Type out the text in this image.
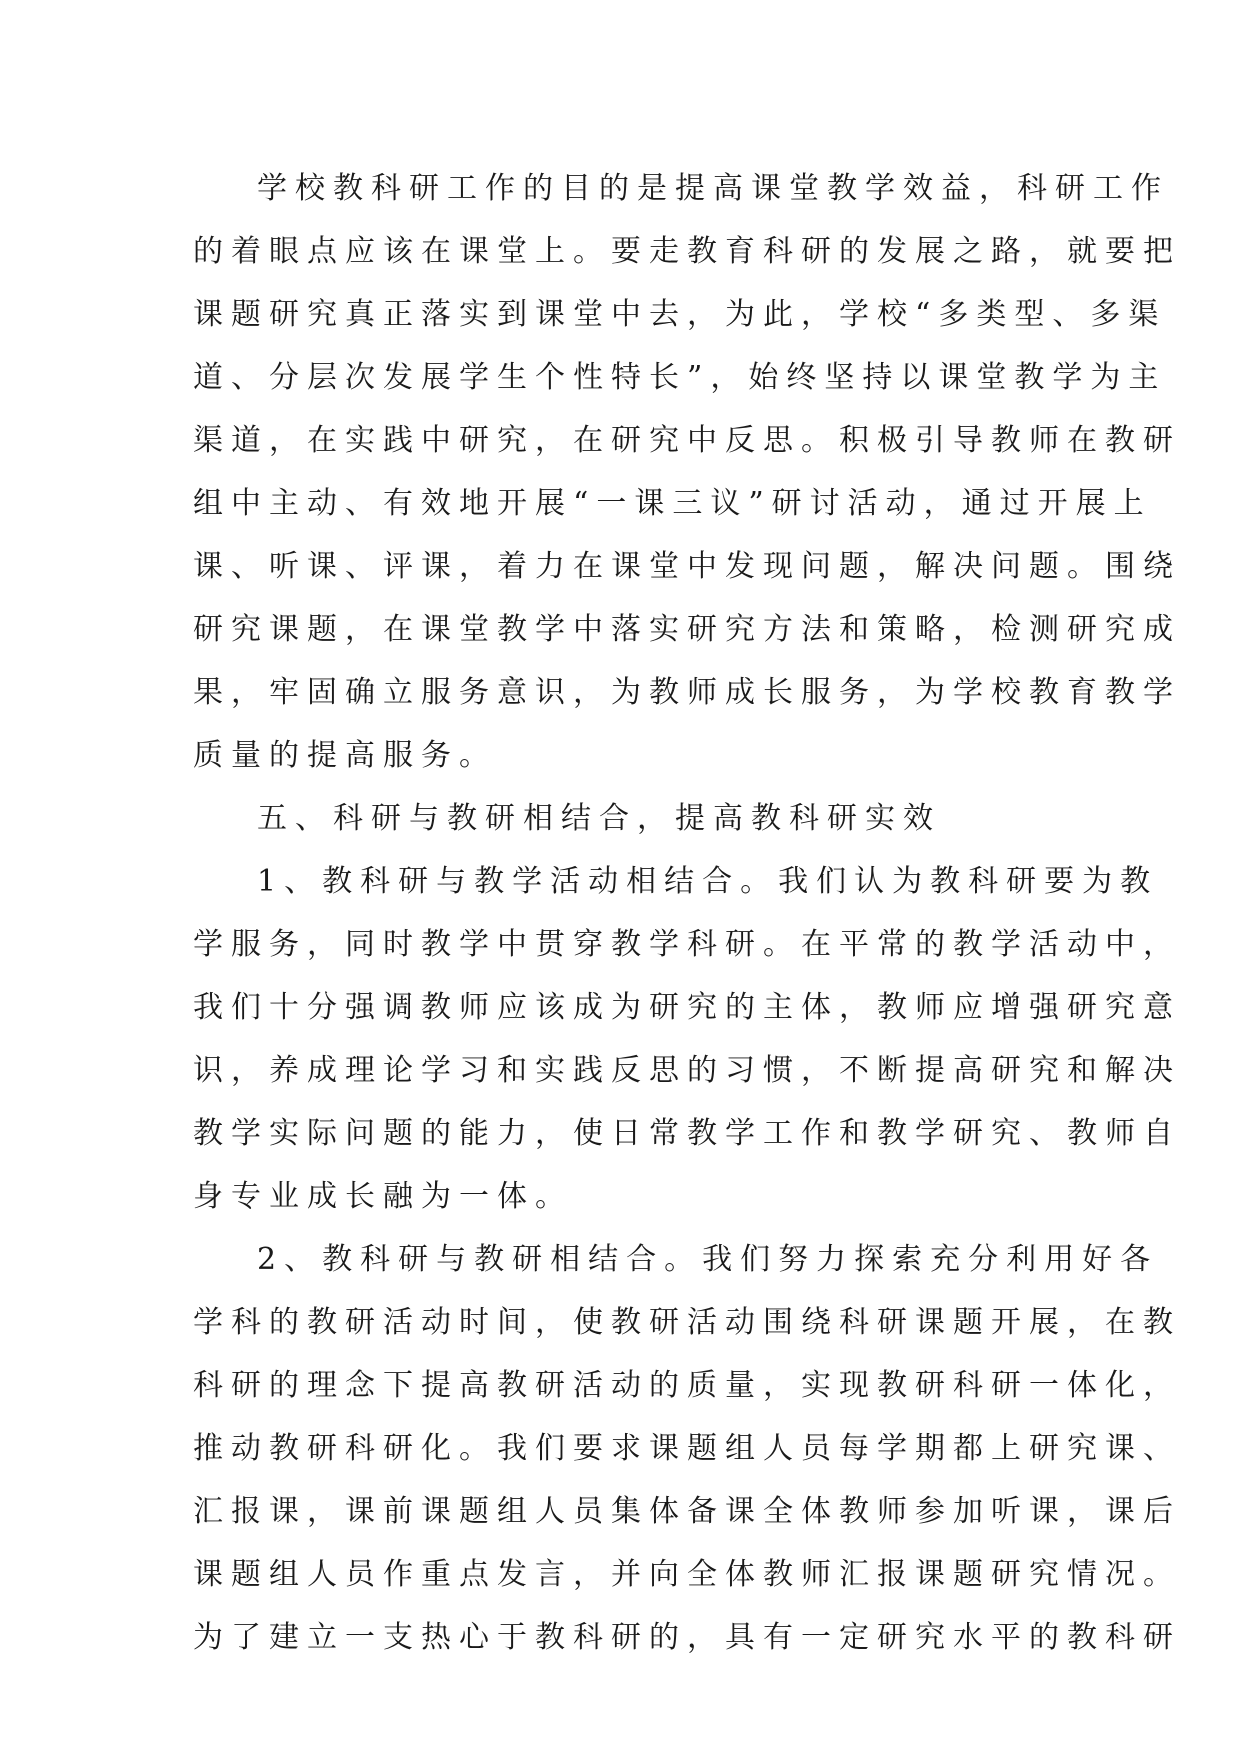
学校教科研工作的目的是提高课堂教学效益，科研工作
的着眼点应该在课堂上。要走教育科研的发展之路，就要把
课题研究真正落实到课堂中去，为此，学校“多类型、多渠
道、分层次发展学生个性特长”，始终坚持以课堂教学为主
渠道，在实践中研究，在研究中反思。积极引导教师在教研
组中主动、有效地开展“一课三议”研讨活动，通过开展上
课、听课、评课，着力在课堂中发现问题，解决问题。围绕
研究课题，在课堂教学中落实研究方法和策略，检测研究成
果，牢固确立服务意识，为教师成长服务，为学校教育教学
质量的提高服务。
五、科研与教研相结合，提高教科研实效
1、教科研与教学活动相结合。我们认为教科研要为教
学服务，同时教学中贯穿教学科研。在平常的教学活动中，
我们十分强调教师应该成为研究的主体，教师应增强研究意
识，养成理论学习和实践反思的习惯，不断提高研究和解决
教学实际问题的能力，使日常教学工作和教学研究、教师自
身专业成长融为一体。
2、教科研与教研相结合。我们努力探索充分利用好各
学科的教研活动时间，使教研活动围绕科研课题开展，在教
科研的理念下提高教研活动的质量，实现教研科研一体化，
推动教研科研化。我们要求课题组人员每学期都上研究课、
汇报课，课前课题组人员集体备课全体教师参加听课，课后
课题组人员作重点发言，并向全体教师汇报课题研究情况。
为了建立一支热心于教科研的，具有一定研究水平的教科研
